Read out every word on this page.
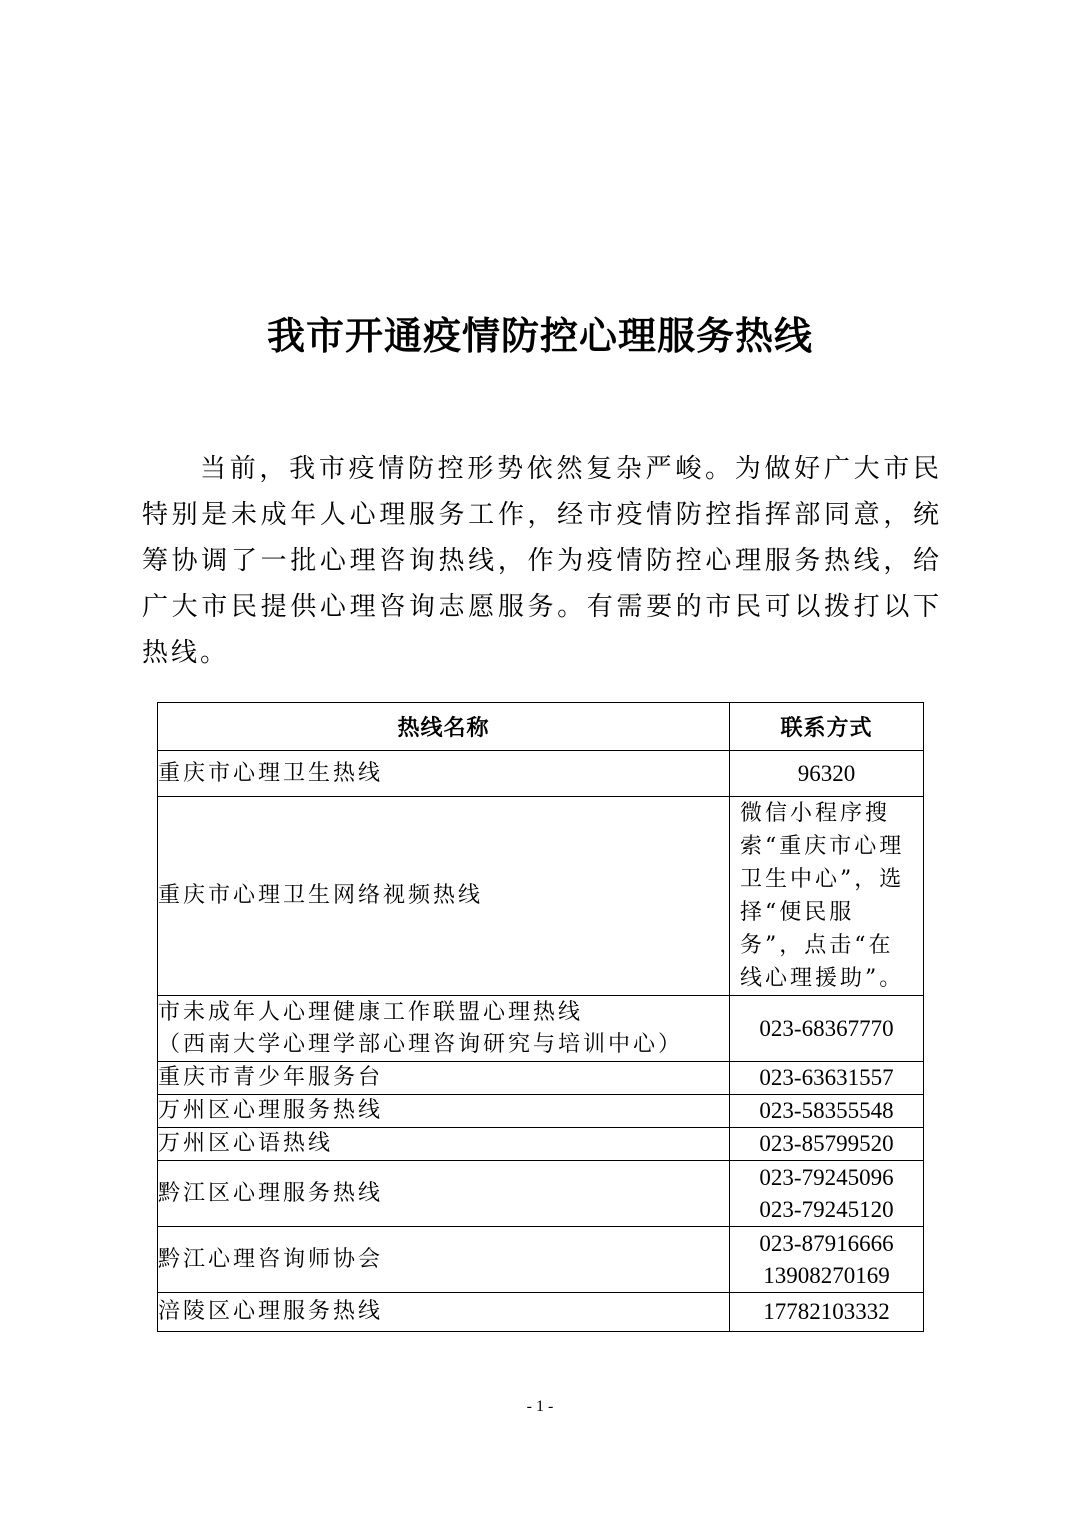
我市开通疫情防控心理服务热线

当前，我市疫情防控形势依然复杂严峻。为做好广大市民特别是未成年人心理服务工作，经市疫情防控指挥部同意，统筹协调了一批心理咨询热线，作为疫情防控心理服务热线，给广大市民提供心理咨询志愿服务。有需要的市民可以拨打以下热线。

热线名称	联系方式
重庆市心理卫生热线	96320
重庆市心理卫生网络视频热线	微信小程序搜索“重庆市心理卫生中心”，选择“便民服务”，点击“在线心理援助”。

市未成年人心理健康工作联盟心理热线
（西南大学心理学部心理咨询研究与培训中心）	023-68367770
重庆市青少年服务台	023-63631557
万州区心理服务热线	023-58355548
万州区心语热线	023-85799520
黔江区心理服务热线	023-79245096
023-79245120

黔江心理咨询师协会	023-87916666
13908270169

涪陵区心理服务热线	17782103332
- 1 -
